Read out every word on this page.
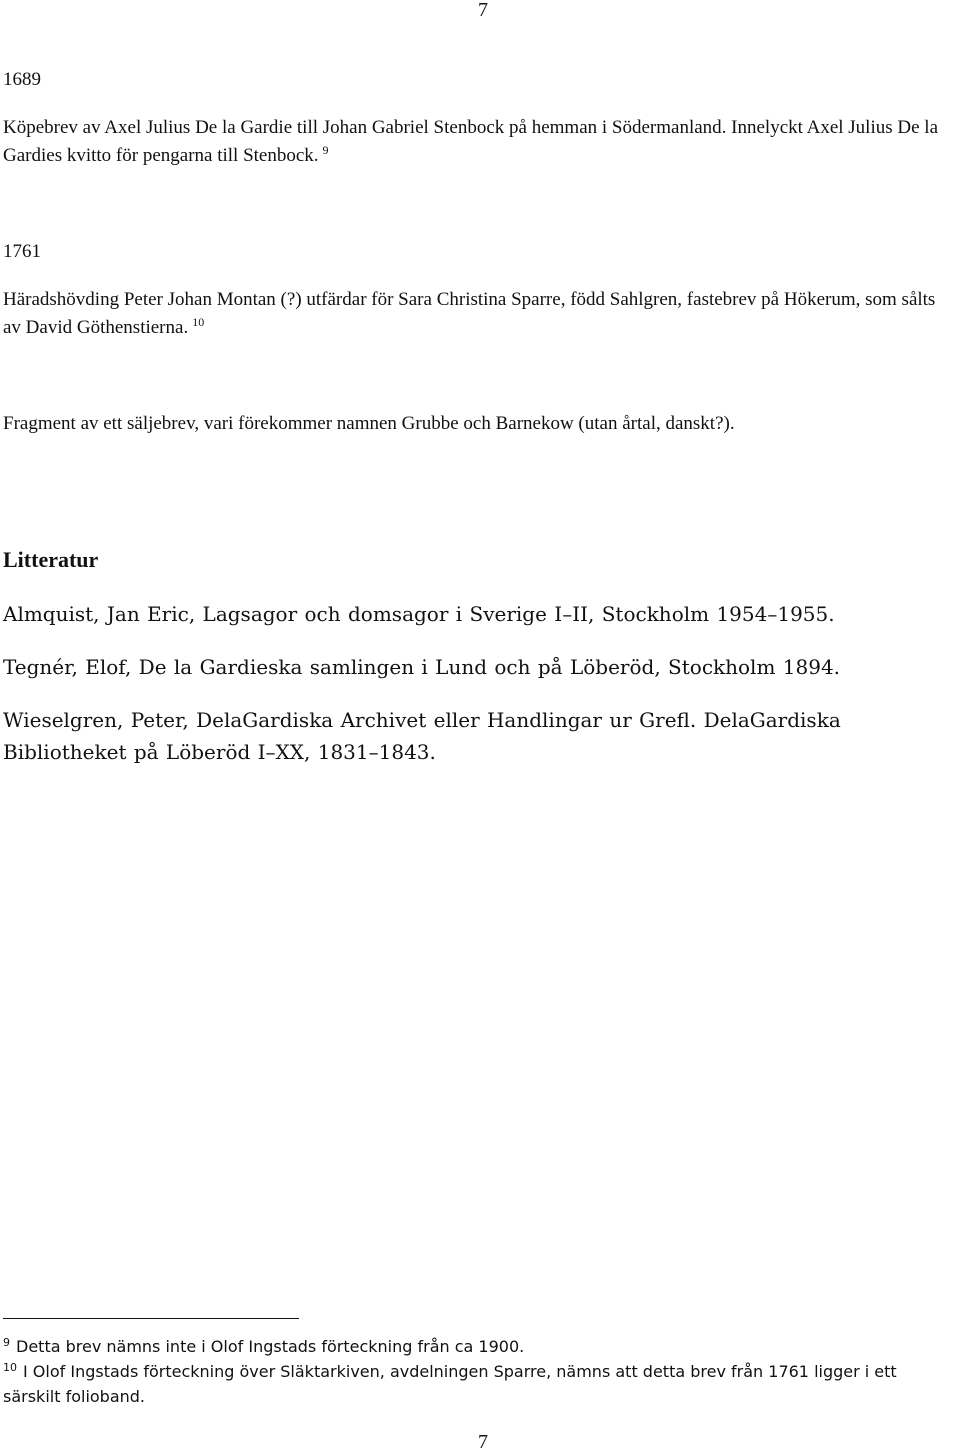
7
1689
Köpebrev av Axel Julius De la Gardie till Johan Gabriel Stenbock på hemman i Södermanland. Innelyckt Axel Julius De la Gardies kvitto för pengarna till Stenbock. $^9$
1761
Häradshövding Peter Johan Montan (?) utfärdar för Sara Christina Sparre, född Sahlgren, fastebrev på Hökerum, som sålts av David Göthenstierna. $^{10}$
Fragment av ett säljebrev, vari förekommer namnen Grubbe och Barnekow (utan årtal, danskt?).
Litteratur
Almquist, Jan Eric, Lagsagor och domsagor i Sverige I–II, Stockholm 1954–1955.
Tegnér, Elof, De la Gardieska samlingen i Lund och på Löberöd, Stockholm 1894.
Wieselgren, Peter, DelaGardiska Archivet eller Handlingar ur Grefl. DelaGardiska Bibliotheket på Löberöd I–XX, 1831–1843.
$^9$ Detta brev nämns inte i Olof Ingstads förteckning från ca 1900.
$^{10}$ I Olof Ingstads förteckning över Släktarkiven, avdelningen Sparre, nämns att detta brev från 1761 ligger i ett särskilt folioband.
7
